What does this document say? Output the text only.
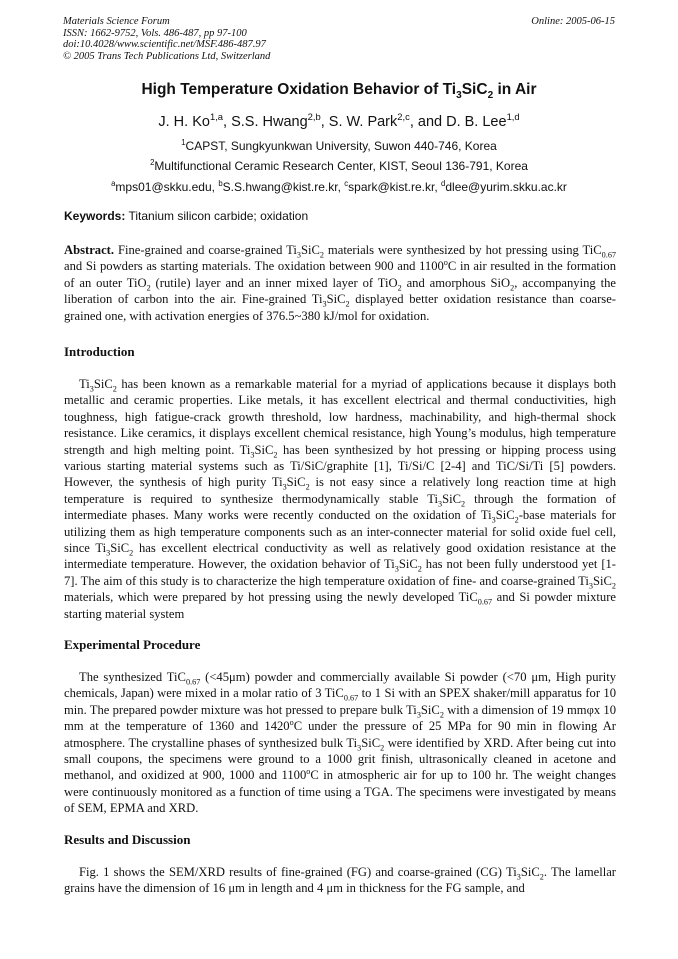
Materials Science Forum
ISSN: 1662-9752, Vols. 486-487, pp 97-100
doi:10.4028/www.scientific.net/MSF.486-487.97
© 2005 Trans Tech Publications Ltd, Switzerland
Online: 2005-06-15
High Temperature Oxidation Behavior of $Ti_3SiC_2$ in Air
J. H. Ko$^{1,a}$, S.S. Hwang$^{2,b}$, S. W. Park$^{2,c}$, and D. B. Lee$^{1,d}$
$^1$CAPST, Sungkyunkwan University, Suwon 440-746, Korea
$^2$Multifunctional Ceramic Research Center, KIST, Seoul 136-791, Korea
$^a$mps01@skku.edu, $^b$S.S.hwang@kist.re.kr, $^c$spark@kist.re.kr, $^d$dlee@yurim.skku.ac.kr
Keywords: Titanium silicon carbide; oxidation
Abstract. Fine-grained and coarse-grained $Ti_3SiC_2$ materials were synthesized by hot pressing using TiC$_{0.67}$ and Si powders as starting materials. The oxidation between 900 and 1100$^o$C in air resulted in the formation of an outer TiO$_2$ (rutile) layer and an inner mixed layer of TiO$_2$ and amorphous SiO$_2$, accompanying the liberation of carbon into the air. Fine-grained $Ti_3SiC_2$ displayed better oxidation resistance than coarse-grained one, with activation energies of 376.5~380 kJ/mol for oxidation.
Introduction
$Ti_3SiC_2$ has been known as a remarkable material for a myriad of applications because it displays both metallic and ceramic properties. Like metals, it has excellent electrical and thermal conductivities, high toughness, high fatigue-crack growth threshold, low hardness, machinability, and high-thermal shock resistance. Like ceramics, it displays excellent chemical resistance, high Young’s modulus, high temperature strength and high melting point. $Ti_3SiC_2$ has been synthesized by hot pressing or hipping process using various starting material systems such as Ti/SiC/graphite [1], Ti/Si/C [2-4] and TiC/Si/Ti [5] powders. However, the synthesis of high purity $Ti_3SiC_2$ is not easy since a relatively long reaction time at high temperature is required to synthesize thermodynamically stable $Ti_3SiC_2$ through the formation of intermediate phases. Many works were recently conducted on the oxidation of $Ti_3SiC_2$-base materials for utilizing them as high temperature components such as an inter-connecter material for solid oxide fuel cell, since $Ti_3SiC_2$ has excellent electrical conductivity as well as relatively good oxidation resistance at the intermediate temperature. However, the oxidation behavior of $Ti_3SiC_2$ has not been fully understood yet [1-7]. The aim of this study is to characterize the high temperature oxidation of fine- and coarse-grained $Ti_3SiC_2$ materials, which were prepared by hot pressing using the newly developed TiC$_{0.67}$ and Si powder mixture starting material system
Experimental Procedure
The synthesized TiC$_{0.67}$ (<45μm) powder and commercially available Si powder (<70 μm, High purity chemicals, Japan) were mixed in a molar ratio of 3 TiC$_{0.67}$ to 1 Si with an SPEX shaker/mill apparatus for 10 min. The prepared powder mixture was hot pressed to prepare bulk $Ti_3SiC_2$ with a dimension of 19 mmφx 10 mm at the temperature of 1360 and 1420$^o$C under the pressure of 25 MPa for 90 min in flowing Ar atmosphere. The crystalline phases of synthesized bulk $Ti_3SiC_2$ were identified by XRD. After being cut into small coupons, the specimens were ground to a 1000 grit finish, ultrasonically cleaned in acetone and methanol, and oxidized at 900, 1000 and 1100$^o$C in atmospheric air for up to 100 hr. The weight changes were continuously monitored as a function of time using a TGA. The specimens were investigated by means of SEM, EPMA and XRD.
Results and Discussion
Fig. 1 shows the SEM/XRD results of fine-grained (FG) and coarse-grained (CG) $Ti_3SiC_2$. The lamellar grains have the dimension of 16 μm in length and 4 μm in thickness for the FG sample, and
